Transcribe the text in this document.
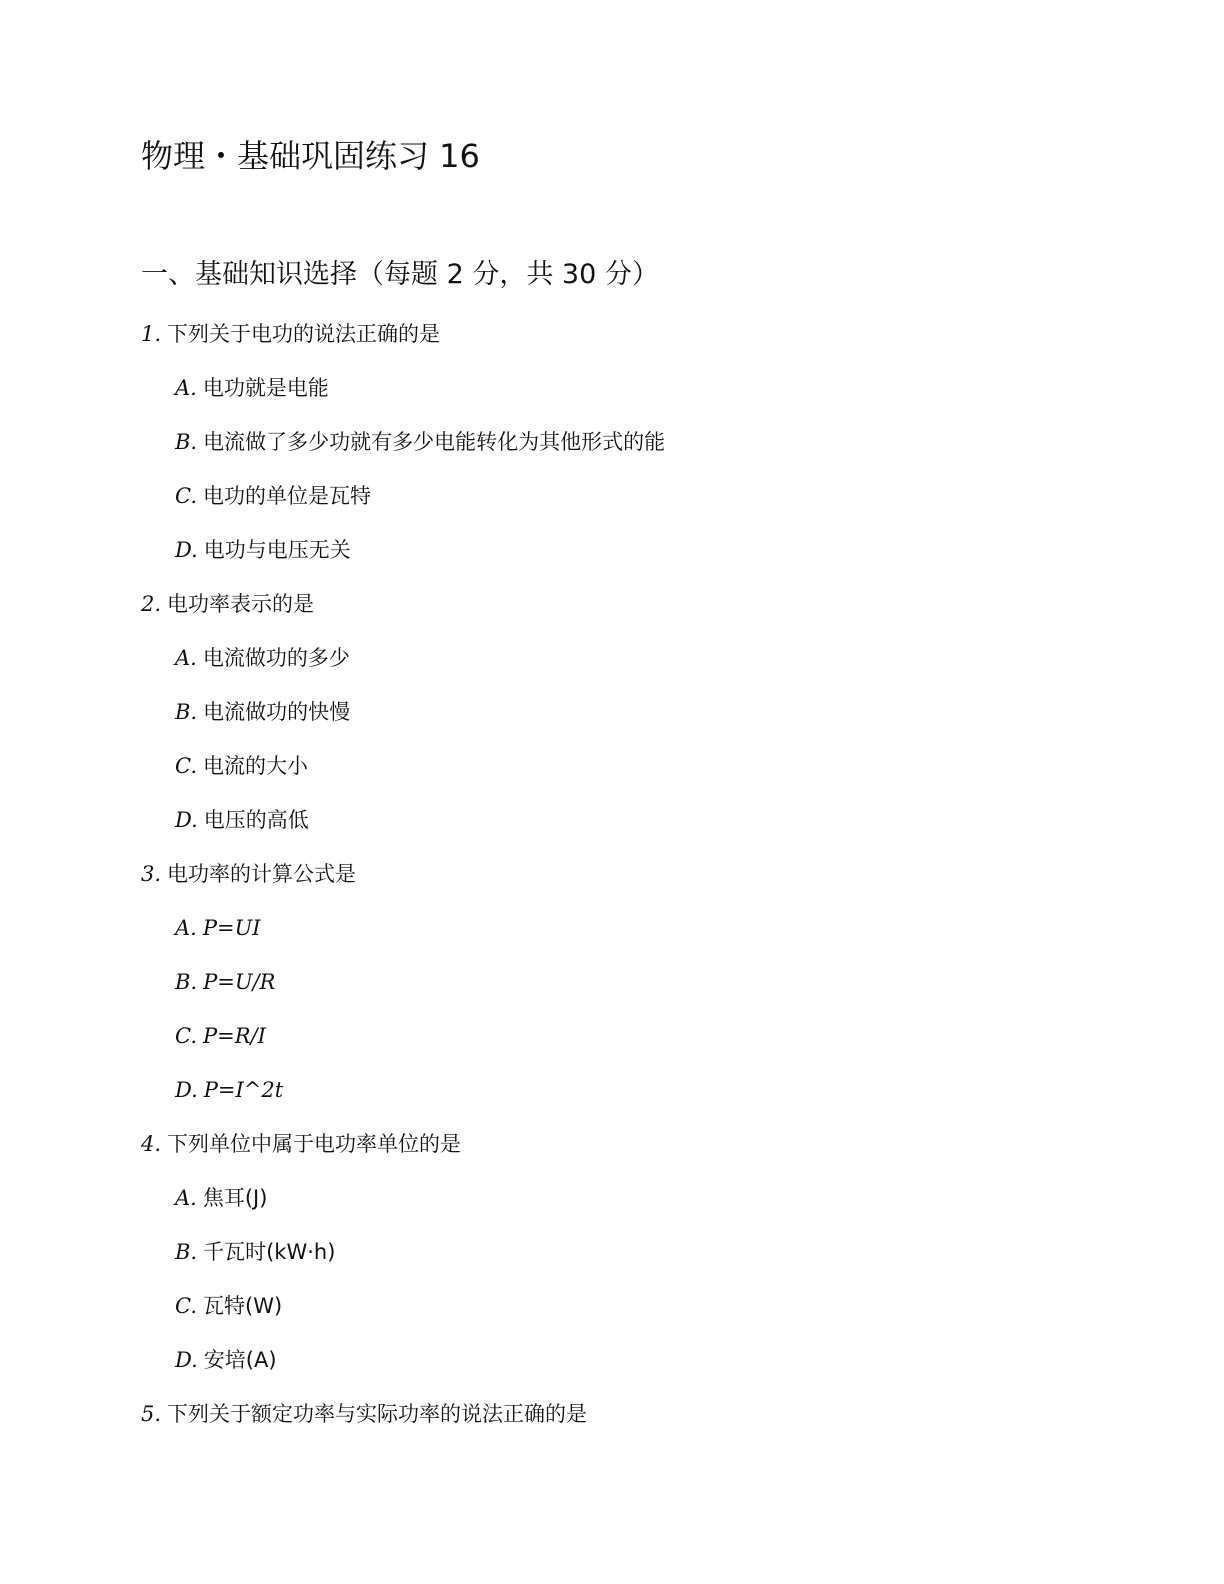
物理・基础巩固练习 16
一、基础知识选择（每题 2 分，共 30 分）
1. 下列关于电功的说法正确的是
A. 电功就是电能
B. 电流做了多少功就有多少电能转化为其他形式的能
C. 电功的单位是瓦特
D. 电功与电压无关
2. 电功率表示的是
A. 电流做功的多少
B. 电流做功的快慢
C. 电流的大小
D. 电压的高低
3. 电功率的计算公式是
A. P=UI
B. P=U/R
C. P=R/I
D. P=I^2t
4. 下列单位中属于电功率单位的是
A. 焦耳(J)
B. 千瓦时(kW·h)
C. 瓦特(W)
D. 安培(A)
5. 下列关于额定功率与实际功率的说法正确的是
